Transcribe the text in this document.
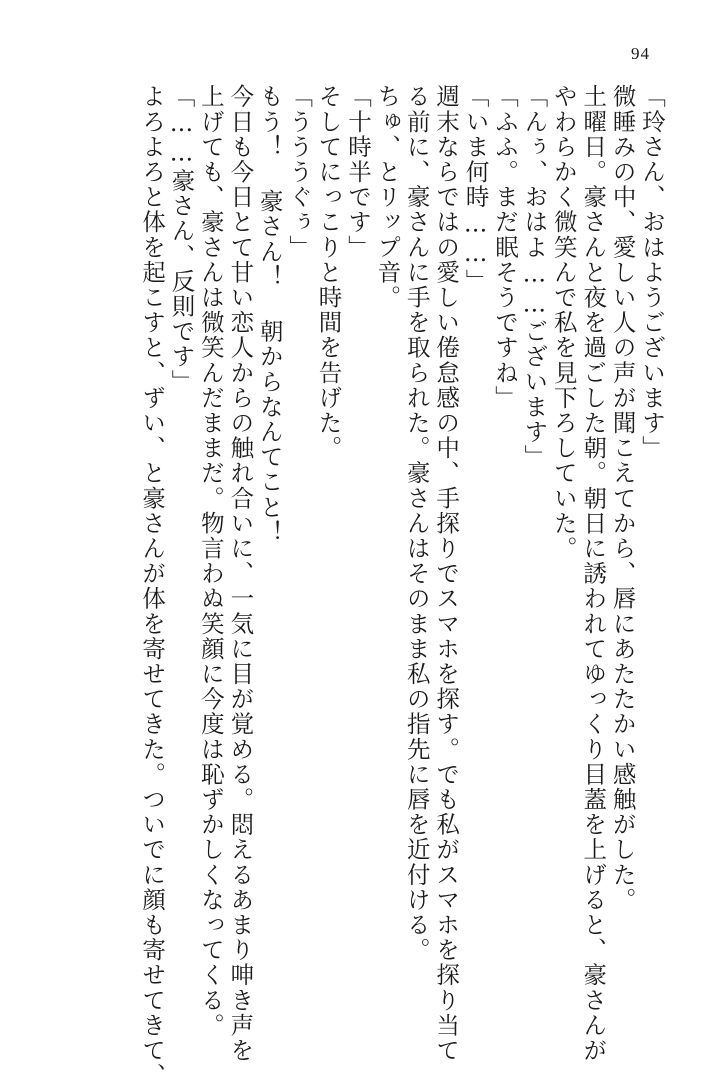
94
「玲さん、おはようございます」
微睡みの中、愛しい人の声が聞こえてから、唇にあたたかい感触がした。
土曜日。豪さんと夜を過ごした朝。朝日に誘われてゆっくり目蓋を上げると、豪さんが
やわらかく微笑んで私を見下ろしていた。
「んぅ、おはよ……ございます」
「ふふ。まだ眠そうですね」
「いま何時……」
週末ならではの愛しい倦怠感の中、手探りでスマホを探す。でも私がスマホを探り当て
る前に、豪さんに手を取られた。豪さんはそのまま私の指先に唇を近付ける。
ちゅ、とリップ音。
「十時半です」
そしてにっこりと時間を告げた。
「うううぐぅ」
もう！ 豪さん！ 朝からなんてこと！
今日も今日とて甘い恋人からの触れ合いに、一気に目が覚める。悶えるあまり呻き声を
上げても、豪さんは微笑んだままだ。物言わぬ笑顔に今度は恥ずかしくなってくる。
「……豪さん、反則です」
よろよろと体を起こすと、ずい、と豪さんが体を寄せてきた。ついでに顔も寄せてきて、
